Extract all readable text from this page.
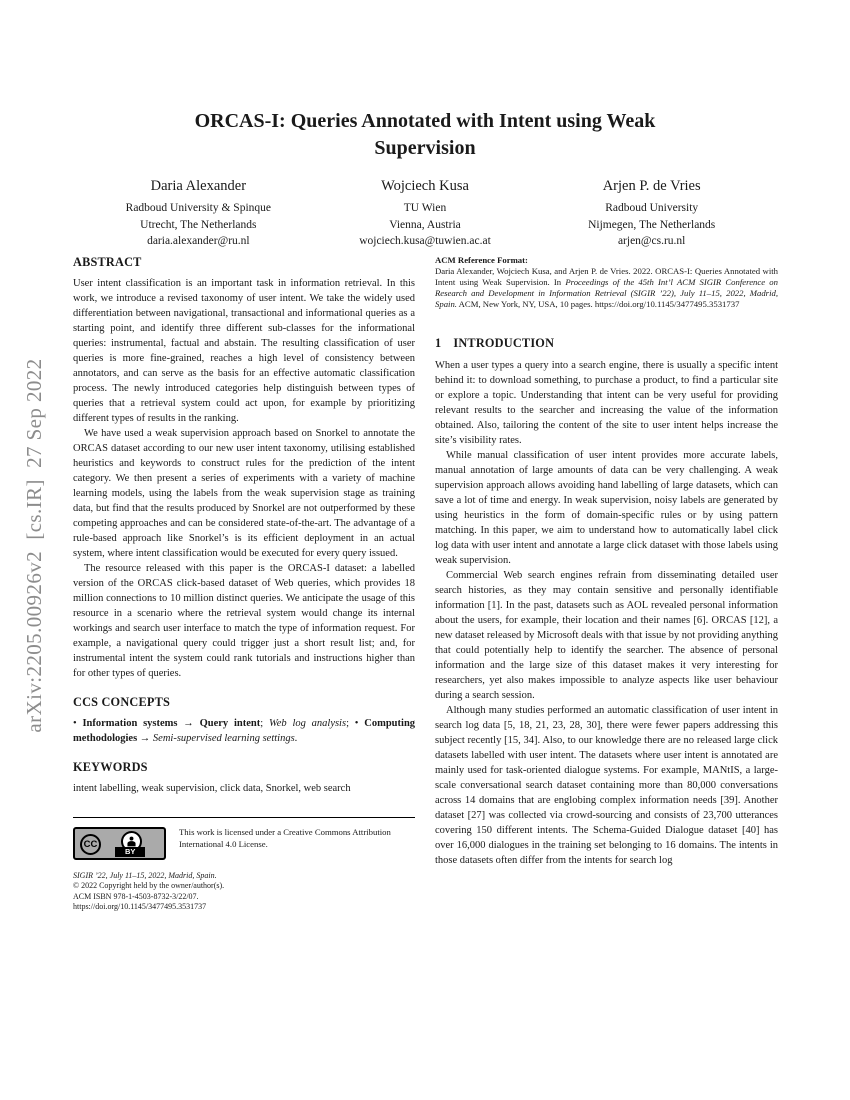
arXiv:2205.00926v2  [cs.IR]  27 Sep 2022
ORCAS-I: Queries Annotated with Intent using Weak Supervision
Daria Alexander
Radboud University & Spinque
Utrecht, The Netherlands
daria.alexander@ru.nl
Wojciech Kusa
TU Wien
Vienna, Austria
wojciech.kusa@tuwien.ac.at
Arjen P. de Vries
Radboud University
Nijmegen, The Netherlands
arjen@cs.ru.nl
ABSTRACT

User intent classification is an important task in information retrieval. In this work, we introduce a revised taxonomy of user intent. We take the widely used differentiation between navigational, transactional and informational queries as a starting point, and identify three different sub-classes for the informational queries: instrumental, factual and abstain. The resulting classification of user queries is more fine-grained, reaches a high level of consistency between annotators, and can serve as the basis for an effective automatic classification process. The newly introduced categories help distinguish between types of queries that a retrieval system could act upon, for example by prioritizing different types of results in the ranking.

We have used a weak supervision approach based on Snorkel to annotate the ORCAS dataset according to our new user intent taxonomy, utilising established heuristics and keywords to construct rules for the prediction of the intent category. We then present a series of experiments with a variety of machine learning models, using the labels from the weak supervision stage as training data, but find that the results produced by Snorkel are not outperformed by these competing approaches and can be considered state-of-the-art. The advantage of a rule-based approach like Snorkel’s is its efficient deployment in an actual system, where intent classification would be executed for every query issued.

The resource released with this paper is the ORCAS-I dataset: a labelled version of the ORCAS click-based dataset of Web queries, which provides 18 million connections to 10 million distinct queries. We anticipate the usage of this resource in a scenario where the retrieval system would change its internal workings and search user interface to match the type of information request. For example, a navigational query could trigger just a short result list; and, for instrumental intent the system could rank tutorials and instructions higher than for other types of queries.

CCS CONCEPTS
• Information systems → Query intent; Web log analysis; • Computing methodologies → Semi-supervised learning settings.
KEYWORDS
intent labelling, weak supervision, click data, Snorkel, web search
CC
BY
This work is licensed under a Creative Commons Attribution International 4.0 License.
SIGIR ’22, July 11–15, 2022, Madrid, Spain.
© 2022 Copyright held by the owner/author(s).
ACM ISBN 978-1-4503-8732-3/22/07.
https://doi.org/10.1145/3477495.3531737
ACM Reference Format:
Daria Alexander, Wojciech Kusa, and Arjen P. de Vries. 2022. ORCAS-I: Queries Annotated with Intent using Weak Supervision. In Proceedings of the 45th Int’l ACM SIGIR Conference on Research and Development in Information Retrieval (SIGIR ’22), July 11–15, 2022, Madrid, Spain. ACM, New York, NY, USA, 10 pages. https://doi.org/10.1145/3477495.3531737
1 INTRODUCTION

When a user types a query into a search engine, there is usually a specific intent behind it: to download something, to purchase a product, to find a particular site or explore a topic. Understanding that intent can be very useful for providing relevant results to the searcher and increasing the value of the information obtained. Also, tailoring the content of the site to user intent helps increase the site’s visibility rates.

While manual classification of user intent provides more accurate labels, manual annotation of large amounts of data can be very challenging. A weak supervision approach allows avoiding hand labelling of large datasets, which can save a lot of time and energy. In weak supervision, noisy labels are generated by using heuristics in the form of domain-specific rules or by using pattern matching. In this paper, we aim to understand how to automatically label click log data with user intent and annotate a large click dataset with those labels using weak supervision.

Commercial Web search engines refrain from disseminating detailed user search histories, as they may contain sensitive and personally identifiable information [1]. In the past, datasets such as AOL revealed personal information about the users, for example, their location and their names [6]. ORCAS [12], a new dataset released by Microsoft deals with that issue by not providing anything that could potentially help to identify the searcher. The absence of personal information and the large size of this dataset makes it very interesting for researchers, yet also makes impossible to analyze aspects like user behaviour during a search session.

Although many studies performed an automatic classification of user intent in search log data [5, 18, 21, 23, 28, 30], there were fewer papers addressing this subject recently [15, 34]. Also, to our knowledge there are no released large click datasets labelled with user intent. The datasets where user intent is annotated are mainly used for task-oriented dialogue systems. For example, MANtIS, a large-scale conversational search dataset containing more than 80,000 conversations across 14 domains that are englobing complex information needs [39]. Another dataset [27] was collected via crowd-sourcing and consists of 23,700 utterances covering 150 different intents. The Schema-Guided Dialogue dataset [40] has over 16,000 dialogues in the training set belonging to 16 domains. The intents in those datasets often differ from the intents for search log
